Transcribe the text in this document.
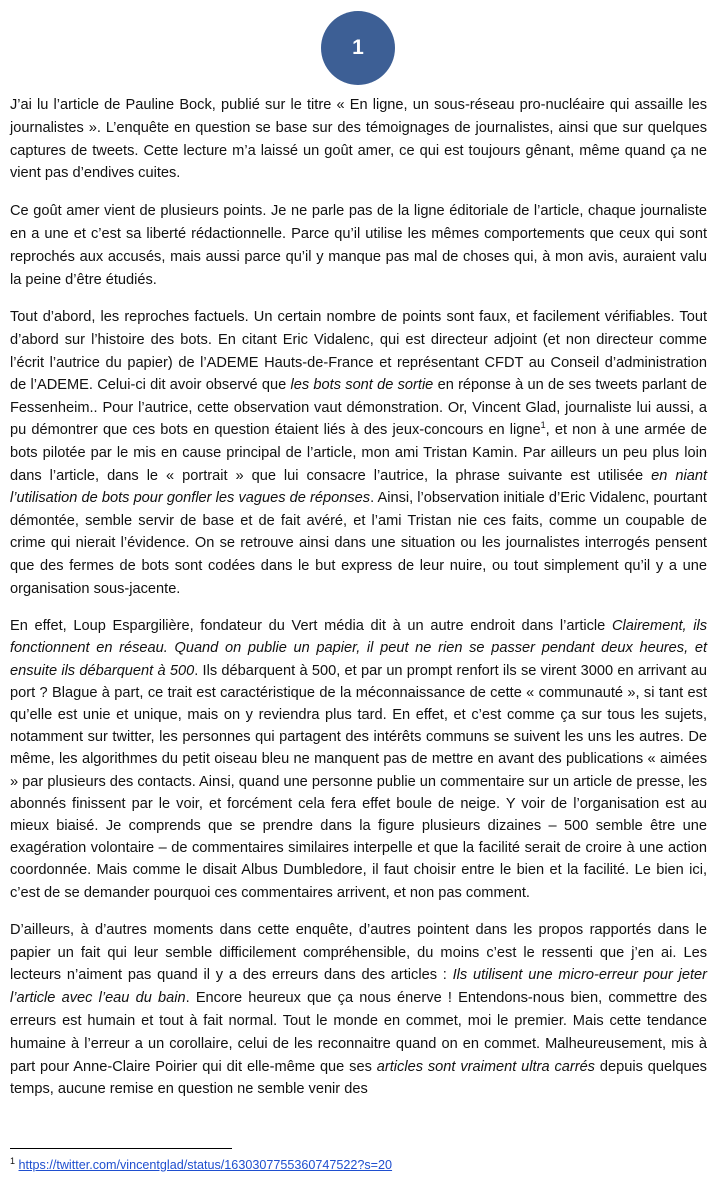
1

J’ai lu l’article de Pauline Bock, publié sur le titre « En ligne, un sous-réseau pro-nucléaire qui assaille les journalistes ». L’enquête en question se base sur des témoignages de journalistes, ainsi que sur quelques captures de tweets. Cette lecture m’a laissé un goût amer, ce qui est toujours gênant, même quand ça ne vient pas d’endives cuites.

Ce goût amer vient de plusieurs points. Je ne parle pas de la ligne éditoriale de l’article, chaque journaliste en a une et c’est sa liberté rédactionnelle. Parce qu’il utilise les mêmes comportements que ceux qui sont reprochés aux accusés, mais aussi parce qu’il y manque pas mal de choses qui, à mon avis, auraient valu la peine d’être étudiés.

Tout d’abord, les reproches factuels. Un certain nombre de points sont faux, et facilement vérifiables. Tout d’abord sur l’histoire des bots. En citant Eric Vidalenc, qui est directeur adjoint (et non directeur comme l’écrit l’autrice du papier) de l’ADEME Hauts-de-France et représentant CFDT au Conseil d’administration de l’ADEME. Celui-ci dit avoir observé que les bots sont de sortie en réponse à un de ses tweets parlant de Fessenheim.. Pour l’autrice, cette observation vaut démonstration. Or, Vincent Glad, journaliste lui aussi, a pu démontrer que ces bots en question étaient liés à des jeux-concours en ligne$^1$, et non à une armée de bots pilotée par le mis en cause principal de l’article, mon ami Tristan Kamin. Par ailleurs un peu plus loin dans l’article, dans le « portrait » que lui consacre l’autrice, la phrase suivante est utilisée en niant l’utilisation de bots pour gonfler les vagues de réponses. Ainsi, l’observation initiale d’Eric Vidalenc, pourtant démontée, semble servir de base et de fait avéré, et l’ami Tristan nie ces faits, comme un coupable de crime qui nierait l’évidence. On se retrouve ainsi dans une situation ou les journalistes interrogés pensent que des fermes de bots sont codées dans le but express de leur nuire, ou tout simplement qu’il y a une organisation sous-jacente.

En effet, Loup Espargilière, fondateur du Vert média dit à un autre endroit dans l’article Clairement, ils fonctionnent en réseau. Quand on publie un papier, il peut ne rien se passer pendant deux heures, et ensuite ils débarquent à 500. Ils débarquent à 500, et par un prompt renfort ils se virent 3000 en arrivant au port ? Blague à part, ce trait est caractéristique de la méconnaissance de cette « communauté », si tant est qu’elle est unie et unique, mais on y reviendra plus tard. En effet, et c’est comme ça sur tous les sujets, notamment sur twitter, les personnes qui partagent des intérêts communs se suivent les uns les autres. De même, les algorithmes du petit oiseau bleu ne manquent pas de mettre en avant des publications « aimées » par plusieurs des contacts. Ainsi, quand une personne publie un commentaire sur un article de presse, les abonnés finissent par le voir, et forcément cela fera effet boule de neige. Y voir de l’organisation est au mieux biaisé. Je comprends que se prendre dans la figure plusieurs dizaines – 500 semble être une exagération volontaire – de commentaires similaires interpelle et que la facilité serait de croire à une action coordonnée. Mais comme le disait Albus Dumbledore, il faut choisir entre le bien et la facilité. Le bien ici, c’est de se demander pourquoi ces commentaires arrivent, et non pas comment.

D’ailleurs, à d’autres moments dans cette enquête, d’autres pointent dans les propos rapportés dans le papier un fait qui leur semble difficilement compréhensible, du moins c’est le ressenti que j’en ai. Les lecteurs n’aiment pas quand il y a des erreurs dans des articles : Ils utilisent une micro-erreur pour jeter l’article avec l’eau du bain. Encore heureux que ça nous énerve ! Entendons-nous bien, commettre des erreurs est humain et tout à fait normal. Tout le monde en commet, moi le premier. Mais cette tendance humaine à l’erreur a un corollaire, celui de les reconnaitre quand on en commet. Malheureusement, mis à part pour Anne-Claire Poirier qui dit elle-même que ses articles sont vraiment ultra carrés depuis quelques temps, aucune remise en question ne semble venir des

$^1$ https://twitter.com/vincentglad/status/1630307755360747522?s=20
